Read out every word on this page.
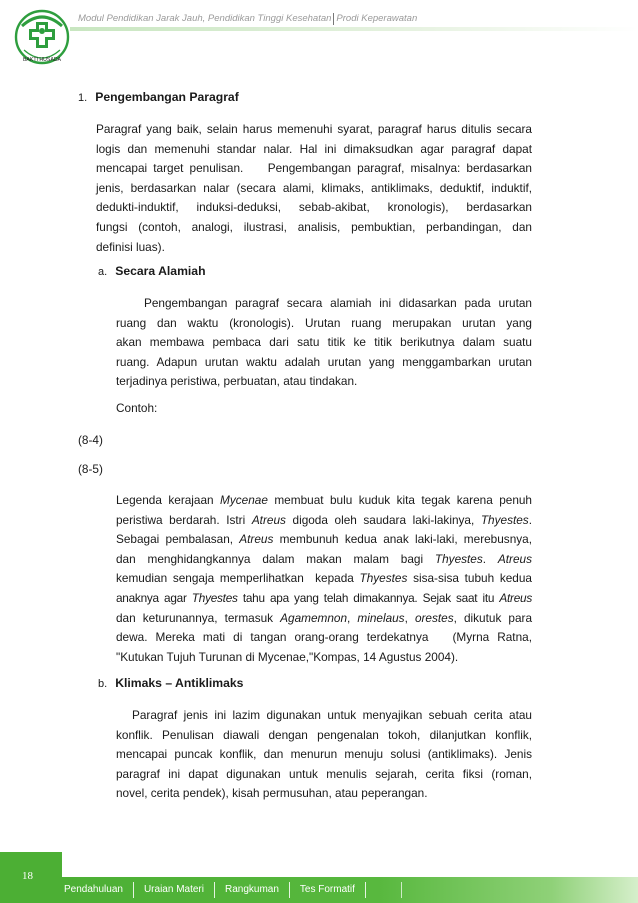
BAKTI HUSADA
Modul Pendidikan Jarak Jauh, Pendidikan Tinggi Kesehatan Prodi Keperawatan
1. Pengembangan Paragraf
Paragraf yang baik, selain harus memenuhi syarat, paragraf harus ditulis secara
logis dan memenuhi standar nalar. Hal ini dimaksudkan agar paragraf dapat
mencapai target penulisan.    Pengembangan paragraf, misalnya: berdasarkan
jenis, berdasarkan nalar (secara alami, klimaks, antiklimaks, deduktif, induktif,
dedukti-induktif, induksi-deduksi, sebab-akibat, kronologis), berdasarkan
fungsi (contoh, analogi, ilustrasi, analisis, pembuktian, perbandingan, dan
definisi luas).
a. Secara Alamiah
Pengembangan paragraf secara alamiah ini didasarkan pada urutan
ruang dan waktu (kronologis). Urutan ruang merupakan urutan yang
akan membawa pembaca dari satu titik ke titik berikutnya dalam suatu
ruang. Adapun urutan waktu adalah urutan yang menggambarkan urutan
terjadinya peristiwa, perbuatan, atau tindakan.
Contoh:
(8-4)
(8-5)
Legenda kerajaan Mycenae membuat bulu kuduk kita tegak karena penuh
peristiwa berdarah. Istri Atreus digoda oleh saudara laki-lakinya, Thyestes.
Sebagai pembalasan, Atreus membunuh kedua anak laki-laki, merebusnya,
dan menghidangkannya dalam makan malam bagi Thyestes. Atreus
kemudian sengaja memperlihatkan  kepada Thyestes sisa-sisa tubuh kedua
anaknya agar Thyestes tahu apa yang telah dimakannya. Sejak saat itu Atreus
dan keturunannya, termasuk Agamemnon, minelaus, orestes, dikutuk para
dewa. Mereka mati di tangan orang-orang terdekatnya   (Myrna Ratna,
"Kutukan Tujuh Turunan di Mycenae,"Kompas, 14 Agustus 2004).
b. Klimaks – Antiklimaks
Paragraf jenis ini lazim digunakan untuk menyajikan sebuah cerita atau
konflik. Penulisan diawali dengan pengenalan tokoh, dilanjutkan konflik,
mencapai puncak konflik, dan menurun menuju solusi (antiklimaks). Jenis
paragraf ini dapat digunakan untuk menulis sejarah, cerita fiksi (roman,
novel, cerita pendek), kisah permusuhan, atau peperangan.
18
Pendahuluan	Uraian Materi	Rangkuman	Tes Formatif
